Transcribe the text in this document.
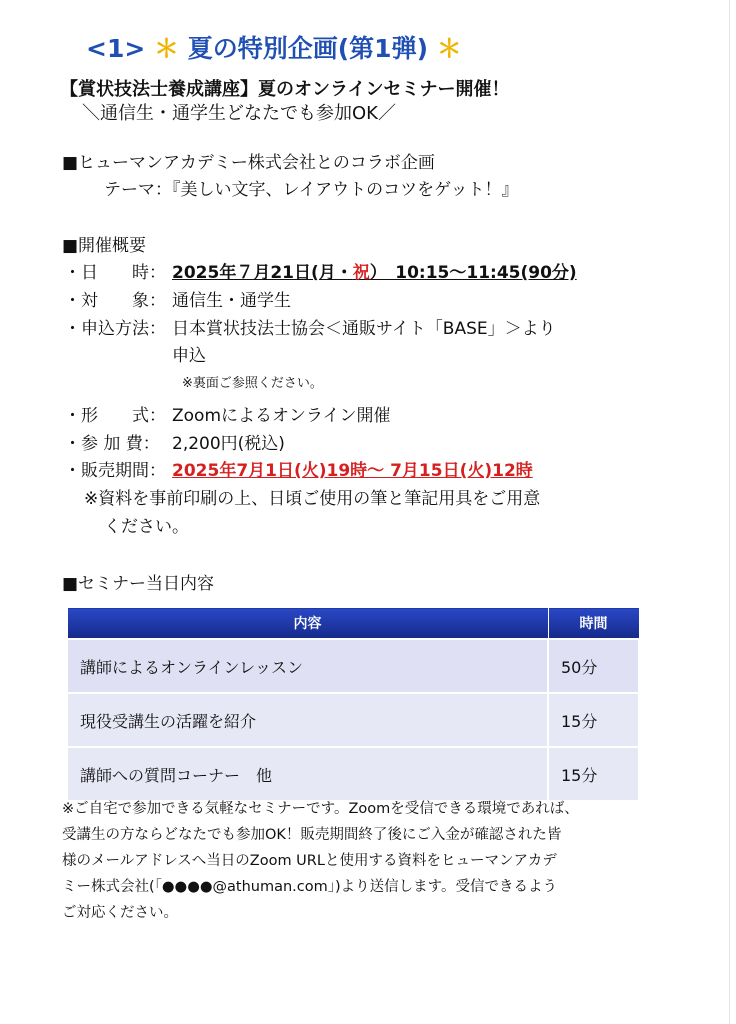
<1> ＊ 夏の特別企画(第1弾) ＊
【賞状技法士養成講座】夏のオンラインセミナー開催！
＼通信生・通学生どなたでも参加OK／
■ヒューマンアカデミー株式会社とのコラボ企画
テーマ：『美しい文字、レイアウトのコツをゲット！』
■開催概要
・日　　時： 2025年７月21日(月・祝）　10:15～11:45(90分)
・対　　象： 通信生・通学生
・申込方法： 日本賞状技法士協会＜通販サイト「BASE」＞より
申込
※裏面ご参照ください。
・形　　式： Zoomによるオンライン開催
・参 加 費： 2,200円(税込)
・販売期間： 2025年7月1日(火)19時～ 7月15日(火)12時
※資料を事前印刷の上、日頃ご使用の筆と筆記用具をご用意
ください。
■セミナー当日内容
内容	時間
講師によるオンラインレッスン	50分
現役受講生の活躍を紹介	15分
講師への質問コーナー　他	15分
※ご自宅で参加できる気軽なセミナーです。Zoomを受信できる環境であれば、
受講生の方ならどなたでも参加OK！販売期間終了後にご入金が確認された皆
様のメールアドレスへ当日のZoom URLと使用する資料をヒューマンアカデ
ミー株式会社(「●●●●@athuman.com」)より送信します。受信できるよう
ご対応ください。
